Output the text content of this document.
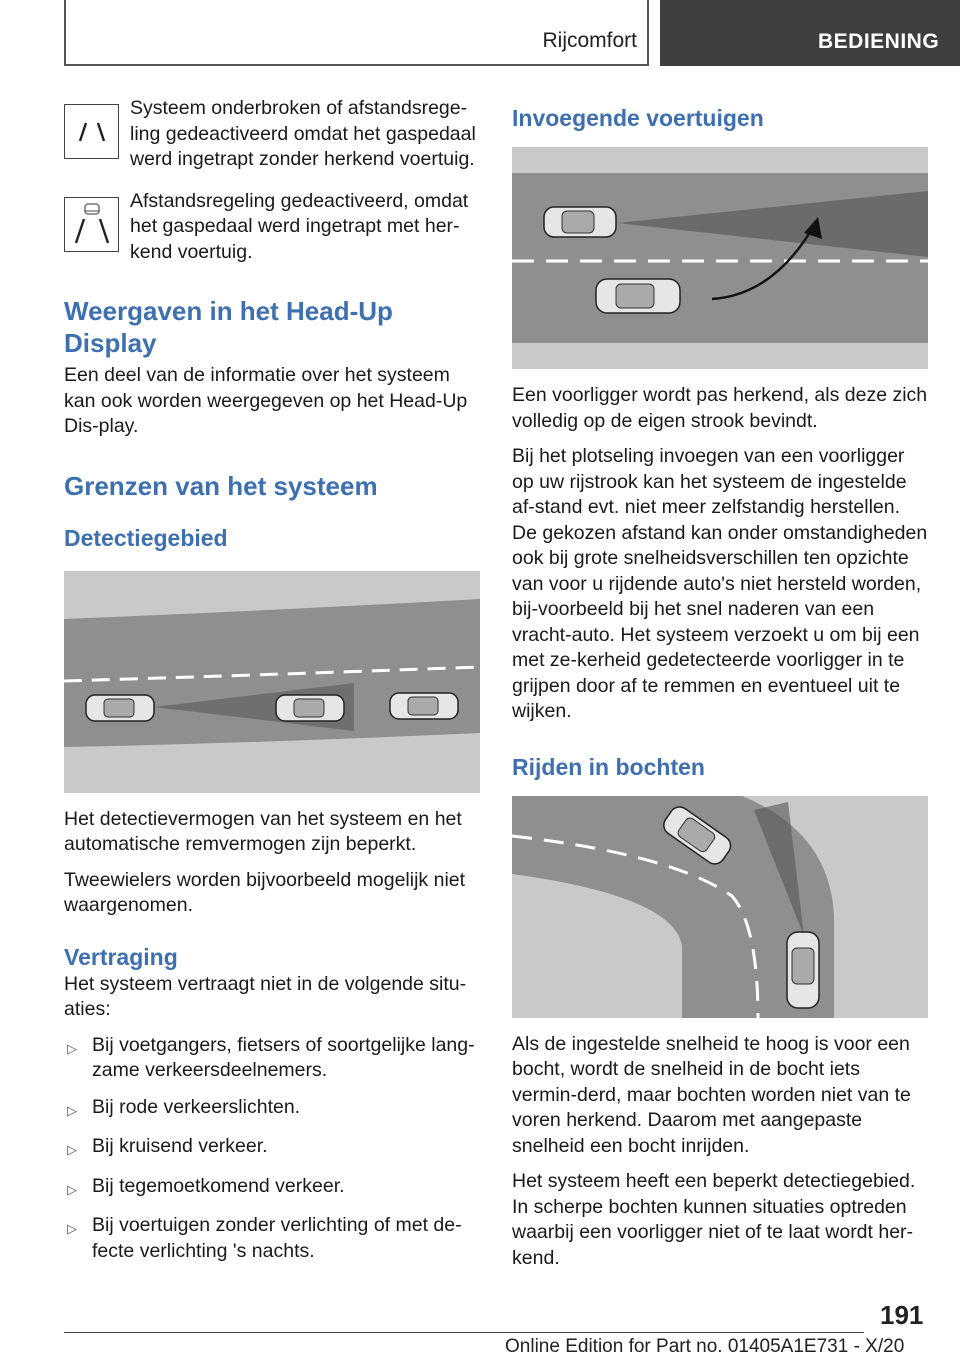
Rijcomfort	BEDIENING

Systeem onderbroken of afstandsrege-ling gedeactiveerd omdat het gaspedaal werd ingetrapt zonder herkend voertuig.

Afstandsregeling gedeactiveerd, omdat het gaspedaal werd ingetrapt met her-kend voertuig.

Weergaven in het Head-Up Display

Een deel van de informatie over het systeem kan ook worden weergegeven op het Head-Up Dis-play.

Grenzen van het systeem
Detectiegebied

Het detectievermogen van het systeem en het automatische remvermogen zijn beperkt.

Tweewielers worden bijvoorbeeld mogelijk niet waargenomen.

Vertraging

Het systeem vertraagt niet in de volgende situ-aties:

▷ Bij voetgangers, fietsers of soortgelijke lang-zame verkeersdeelnemers.
▷ Bij rode verkeerslichten.
▷ Bij kruisend verkeer.
▷ Bij tegemoetkomend verkeer.
▷ Bij voertuigen zonder verlichting of met de-fecte verlichting 's nachts.
Invoegende voertuigen

Een voorligger wordt pas herkend, als deze zich volledig op de eigen strook bevindt.

Bij het plotseling invoegen van een voorligger op uw rijstrook kan het systeem de ingestelde af-stand evt. niet meer zelfstandig herstellen. De gekozen afstand kan onder omstandigheden ook bij grote snelheidsverschillen ten opzichte van voor u rijdende auto's niet hersteld worden, bij-voorbeeld bij het snel naderen van een vracht-auto. Het systeem verzoekt u om bij een met ze-kerheid gedetecteerde voorligger in te grijpen door af te remmen en eventueel uit te wijken.

Rijden in bochten

Als de ingestelde snelheid te hoog is voor een bocht, wordt de snelheid in de bocht iets vermin-derd, maar bochten worden niet van te voren herkend. Daarom met aangepaste snelheid een bocht inrijden.

Het systeem heeft een beperkt detectiegebied. In scherpe bochten kunnen situaties optreden waarbij een voorligger niet of te laat wordt her-kend.

191
Online Edition for Part no. 01405A1E731 - X/20
